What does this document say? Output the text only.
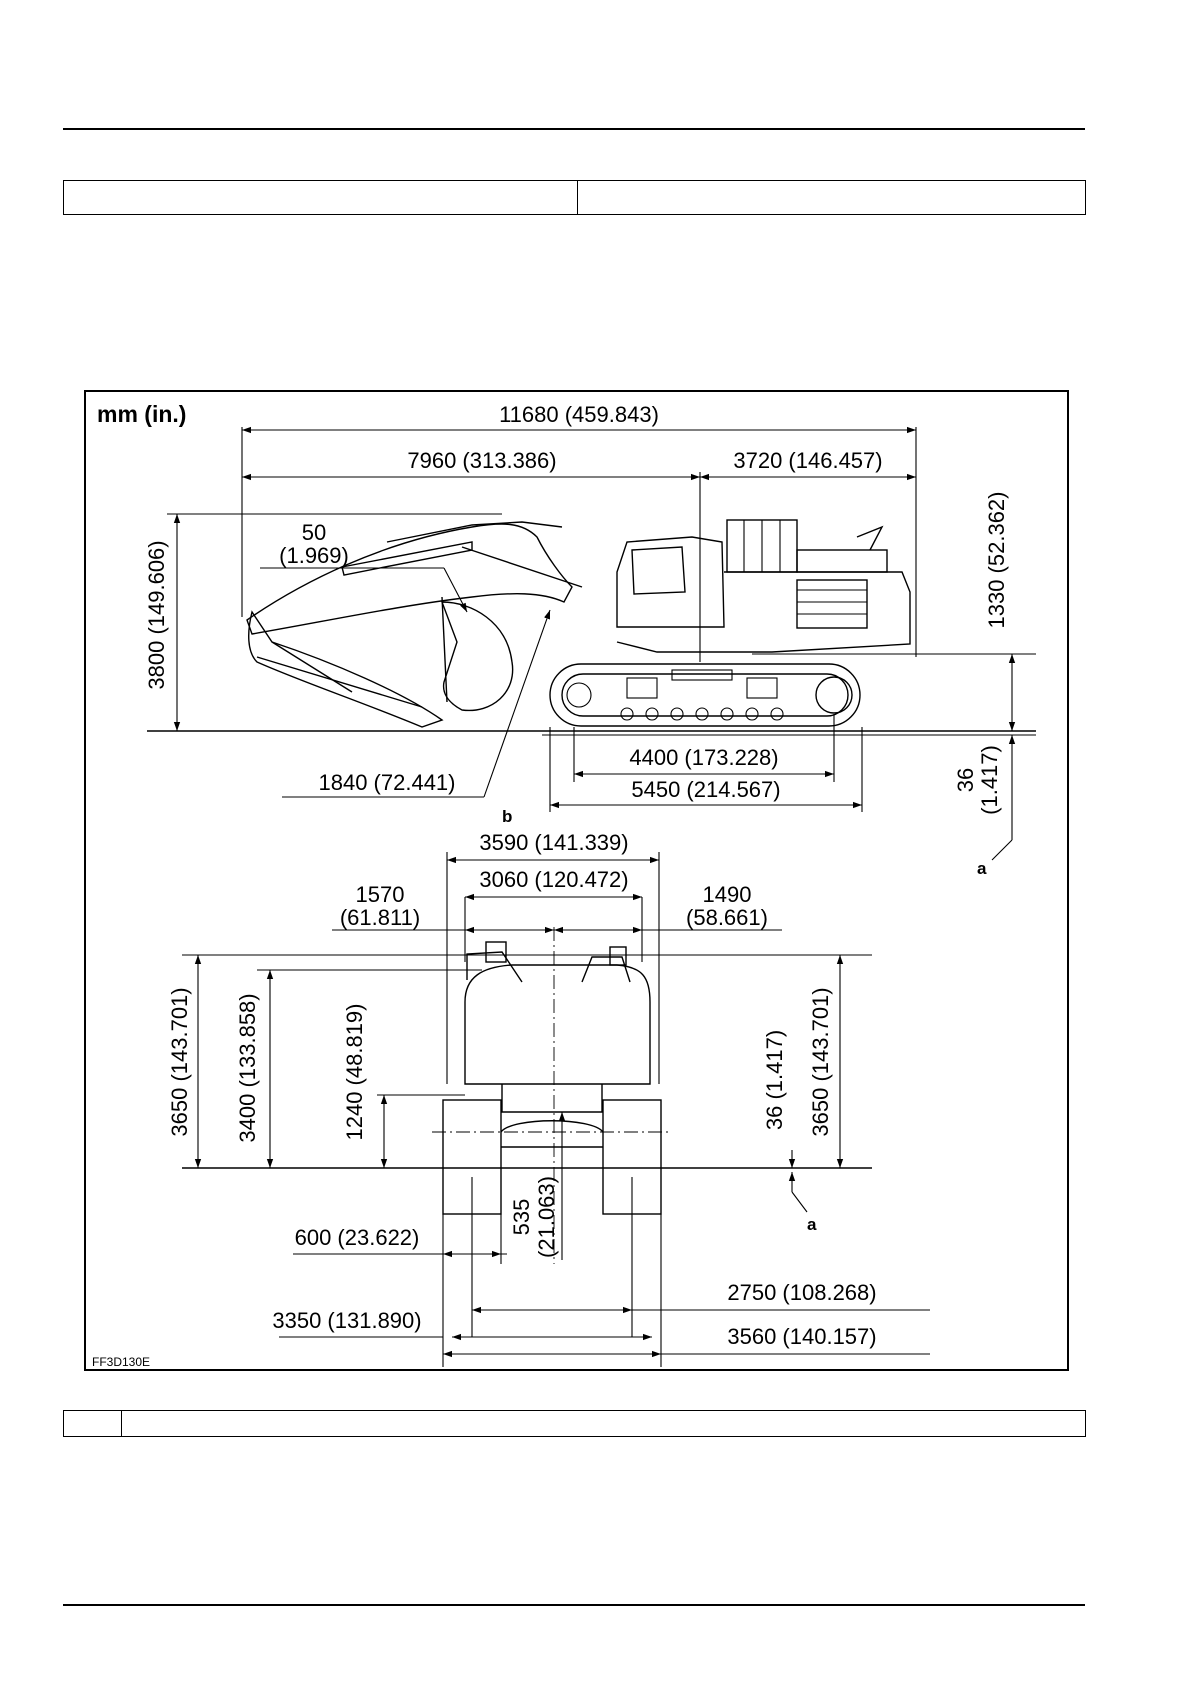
mm (in.)	11680 (459.843)
7960 (313.386)	3720 (146.457)
3800 (149.606)	1330 (52.362)
50
(1.969)
1840 (72.441)
4400 (173.228)
5450 (214.567)	36 (1.417)
a
b
3590 (141.339)
3060 (120.472)
1570
(61.811)
1490
(58.661)
3650 (143.701) 3400 (133.858)	1240 (48.819)	3650 (143.701)
36 (1.417)
a
535 (21.063)
600 (23.622)
2750 (108.268)
3350 (131.890)
3560 (140.157)
FF3D130E
